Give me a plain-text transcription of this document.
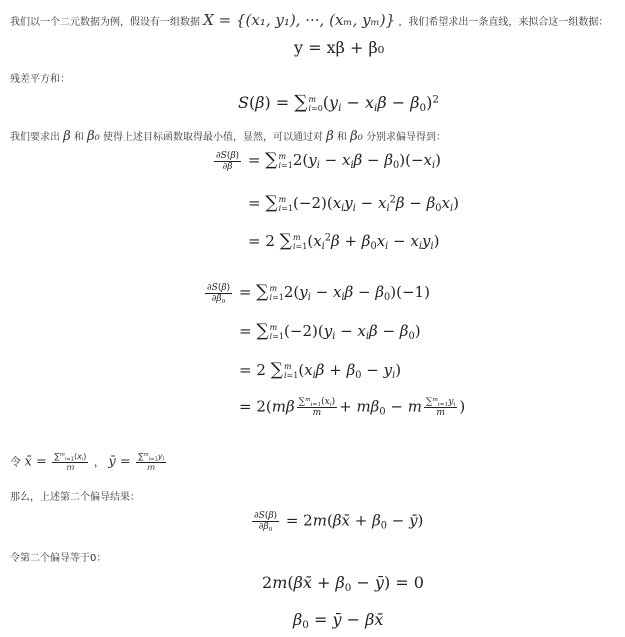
我们以一个二元数据为例，假设有一组数据 X = {(x₁, y₁), ···, (xₘ, yₘ)} ，我们希望求出一条直线，来拟合这一组数据：
y = xβ + β₀
残差平方和：
S(β) = ∑m
$i=0(y_i - x_i\beta - \beta_0)^2$
我们要求出 β 和 β₀ 使得上述目标函数取得最小值，显然，可以通过对 β 和 β₀ 分别求偏导得到：
$\frac{\partial S(\beta)}{\partial\beta} = \sum m$
$i=12(y_i - x_i\beta - \beta_0)(-x_i)$
= ∑m
$i=1(-2)(x_iy_i - x_i^2\beta - \beta_0x_i)$
= 2 ∑m
$i=1(x_i^2\beta + \beta_0x_i - x_iy_i)$
$\frac{\partial S(\beta)}{\partial\beta_0} = \sum m$
$i=12(y_i - x_i\beta - \beta_0)(-1)$
= ∑m
$i=1(-2)(y_i - x_i\beta - \beta_0)$
= 2 ∑m
$i=1(x_i\beta + \beta_0 - y_i)$
= $2(m\beta \frac{\sum^m_{i=1}(x_i)}{m} + m\beta_0 - m \frac{\sum^m_{i=1}y_i}{m}$ )
令 x̄ = $\frac{\sum^m_{i=1}(x_i)}{m}$ ， ȳ = $\frac{\sum^m_{i=1}y_i}{m}$
那么，上述第二个偏导结果：
$\frac{\partial S(\beta)}{\partial\beta_0}$ = 2m(βx̄ + $\beta_0$ − ȳ)
令第二个偏导等于0：
2m(βx̄ + $\beta_0$ − ȳ) = 0
$\beta_0$ = ȳ − βx̄
